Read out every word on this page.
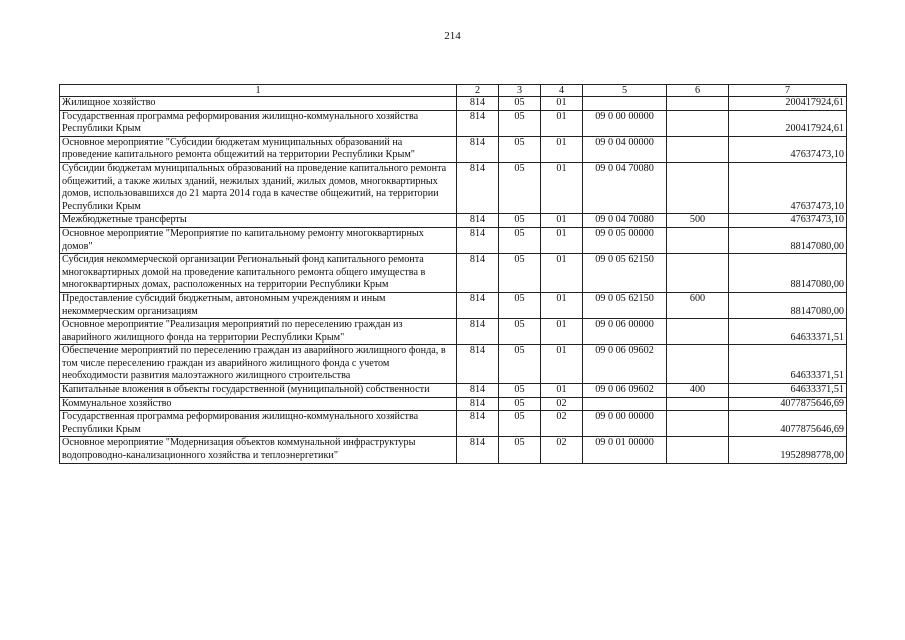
214
1	2	3	4	5	6	7
Жилищное хозяйство	814	05	01			200417924,61
Государственная программа реформирования жилищно-коммунального хозяйства Республики Крым	814	05	01	09 0 00 00000		200417924,61
Основное мероприятие "Субсидии бюджетам муниципальных образований на проведение капитального ремонта общежитий на территории Республики Крым"	814	05	01	09 0 04 00000		47637473,10
Субсидии бюджетам муниципальных образований на проведение капитального ремонта общежитий, а также жилых зданий, нежилых зданий, жилых домов, многоквартирных домов, использовавшихся до 21 марта 2014 года в качестве общежитий, на территории Республики Крым	814	05	01	09 0 04 70080		47637473,10
Межбюджетные трансферты	814	05	01	09 0 04 70080	500	47637473,10
Основное мероприятие "Мероприятие по капитальному ремонту многоквартирных домов"	814	05	01	09 0 05 00000		88147080,00
Субсидия некоммерческой организации Региональный фонд капитального ремонта многоквартирных домой на проведение капитального ремонта общего имущества в многоквартирных домах, расположенных на территории Республики Крым	814	05	01	09 0 05 62150		88147080,00
Предоставление субсидий бюджетным, автономным учреждениям и иным некоммерческим организациям	814	05	01	09 0 05 62150	600	88147080,00
Основное мероприятие "Реализация мероприятий по переселению граждан из аварийного жилищного фонда на территории Республики Крым"	814	05	01	09 0 06 00000		64633371,51
Обеспечение мероприятий по переселению граждан из аварийного жилищного фонда, в том числе переселению граждан из аварийного жилищного фонда с учетом необходимости развития малоэтажного жилищного строительства	814	05	01	09 0 06 09602		64633371,51
Капитальные вложения в объекты государственной (муниципальной) собственности	814	05	01	09 0 06 09602	400	64633371,51
Коммунальное хозяйство	814	05	02			4077875646,69
Государственная программа реформирования жилищно-коммунального хозяйства Республики Крым	814	05	02	09 0 00 00000		4077875646,69
Основное мероприятие "Модернизация объектов коммунальной инфраструктуры водопроводно-канализационного хозяйства и теплоэнергетики"	814	05	02	09 0 01 00000		1952898778,00
